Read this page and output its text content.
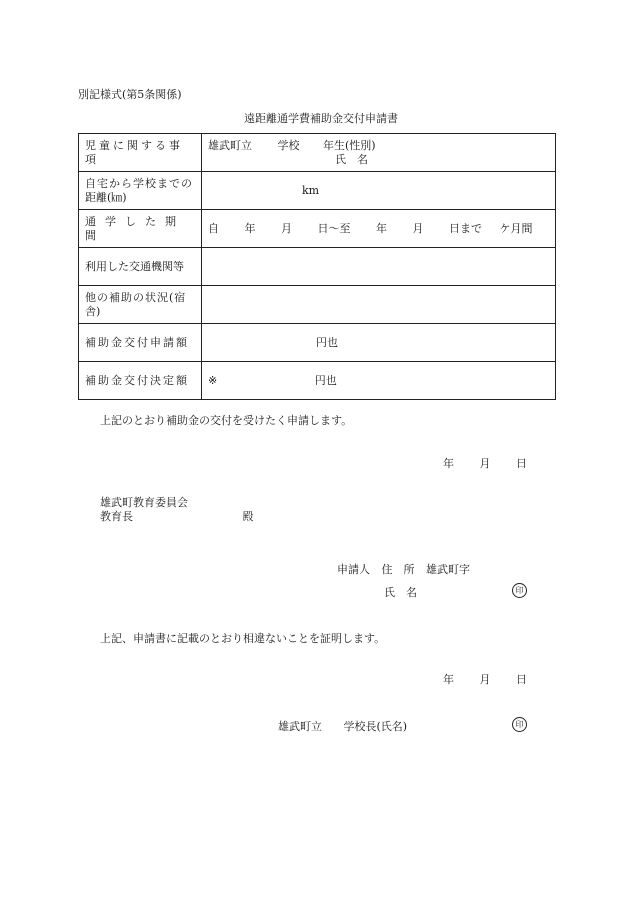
別記様式(第5条関係)
遠距離通学費補助金交付申請書
児童に関する事項	雄武町立 学校 年生(性別)
氏　名

自宅から学校までの
距離(㎞)	km
通学した期間	自 年 月 日〜至 年 月 日まで ケ月間
利用した交通機関等	

他の補助の状況(宿
舎)	

補助金交付申請額	円也
補助金交付決定額	※ 円也
上記のとおり補助金の交付を受けたく申請します。
年 月 日
雄武町教育委員会
教育長	殿
申請人 住　所 雄武町字
氏　名	印
上記、申請書に記載のとおり相違ないことを証明します。
年 月 日
雄武町立 学校長(氏名)	印
